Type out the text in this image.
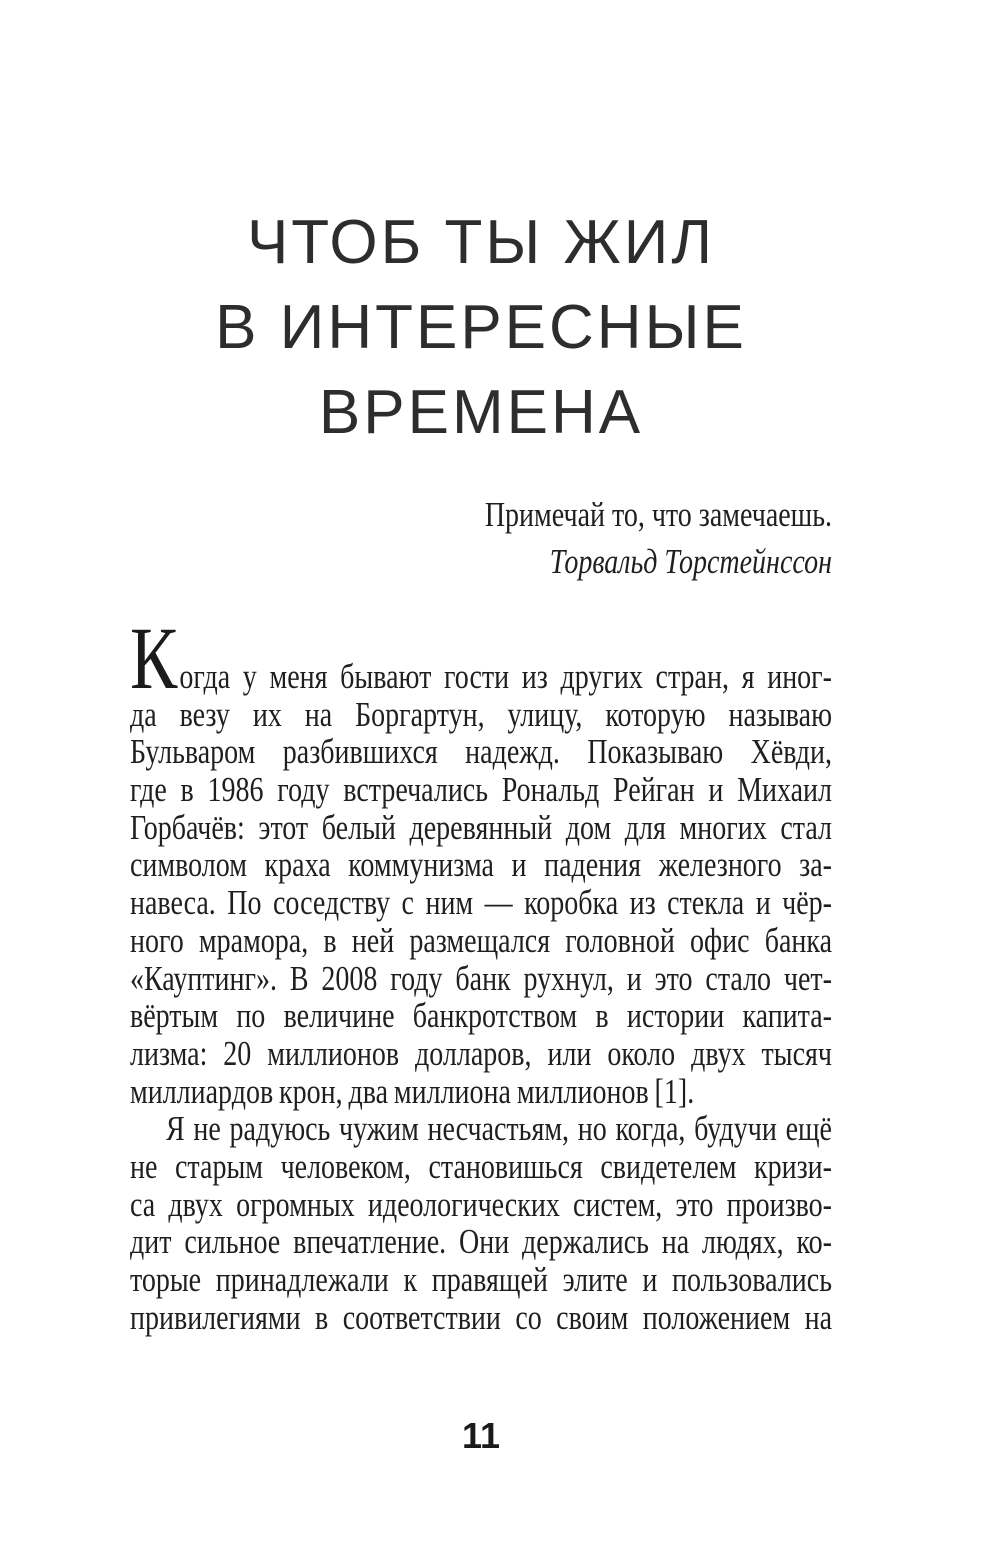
ЧТОБ ТЫ ЖИЛ
В ИНТЕРЕСНЫЕ
ВРЕМЕНА
Примечай то, что замечаешь.
Торвальд Торстейнссон
Когда у меня бывают гости из других стран, я иног-
да везу их на Боргартун, улицу, которую называю
Бульваром разбившихся надежд. Показываю Хёвди,
где в 1986 году встречались Рональд Рейган и Михаил
Горбачёв: этот белый деревянный дом для многих стал
символом краха коммунизма и падения железного за-
навеса. По соседству с ним — коробка из стекла и чёр-
ного мрамора, в ней размещался головной офис банка
«Кауптинг». В 2008 году банк рухнул, и это стало чет-
вёртым по величине банкротством в истории капита-
лизма: 20 миллионов долларов, или около двух тысяч
миллиардов крон, два миллиона миллионов [1].
Я не радуюсь чужим несчастьям, но когда, будучи ещё
не старым человеком, становишься свидетелем кризи-
са двух огромных идеологических систем, это произво-
дит сильное впечатление. Они держались на людях, ко-
торые принадлежали к правящей элите и пользовались
привилегиями в соответствии со своим положением на
11
